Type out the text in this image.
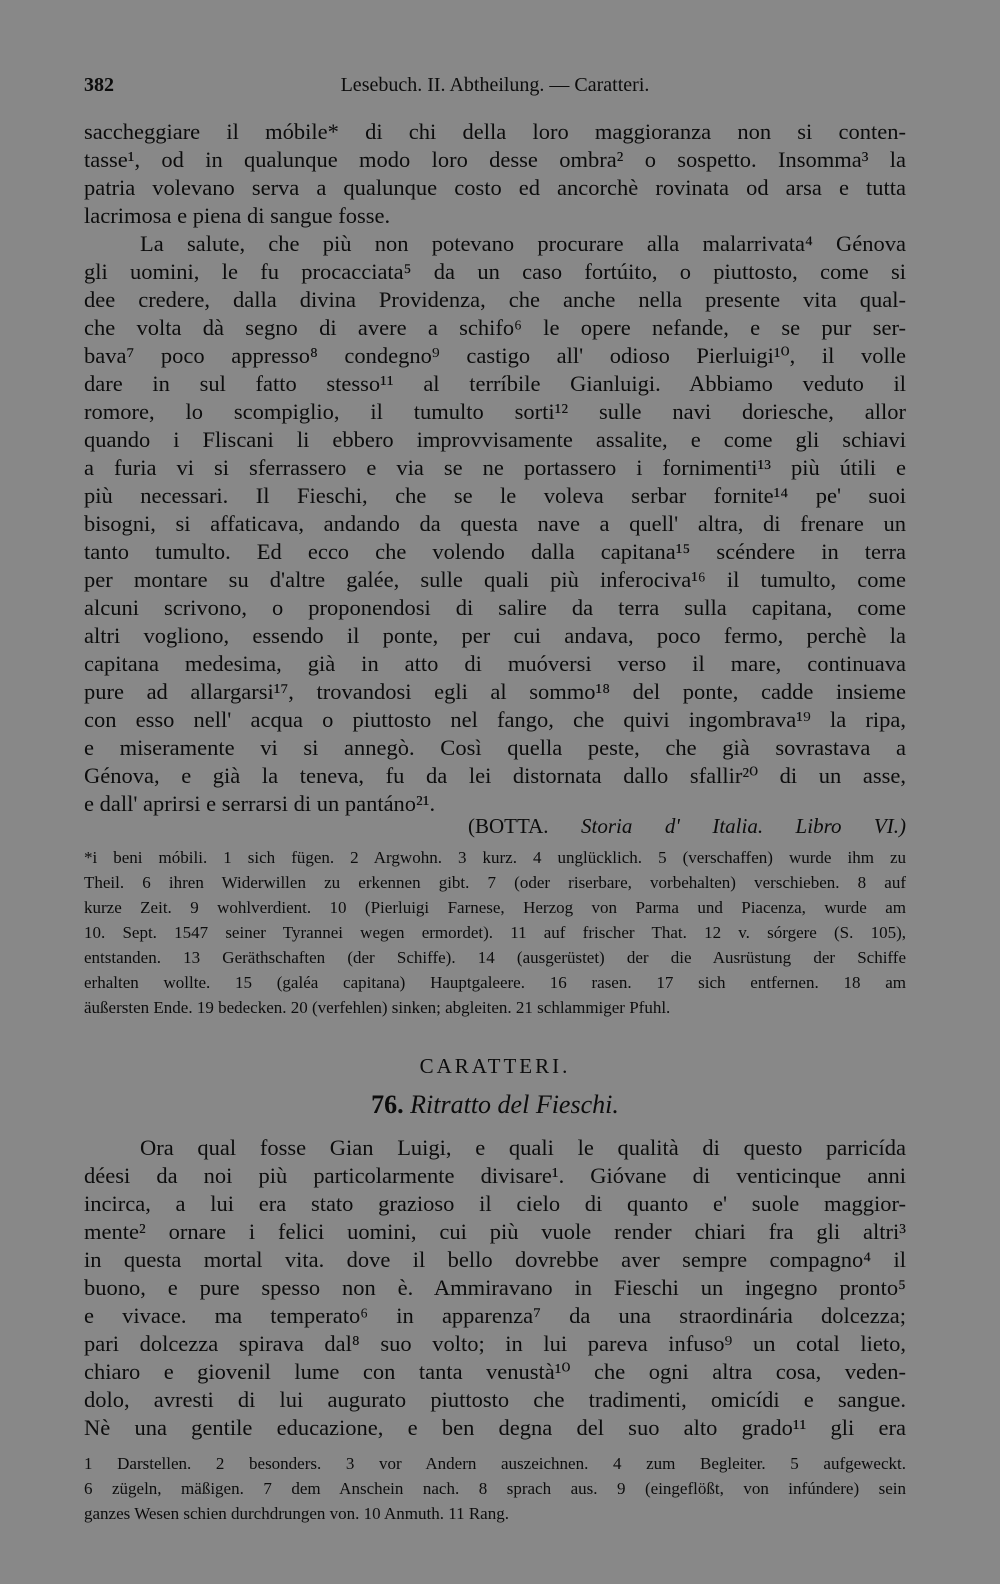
382	Lesebuch. II. Abtheilung. — Caratteri.
saccheggiare il móbile* di chi della loro maggioranza non si conten-
tasse¹, od in qualunque modo loro desse ombra² o sospetto. Insomma³ la
patria volevano serva a qualunque costo ed ancorchè rovinata od arsa e tutta
lacrimosa e piena di sangue fosse.
La salute, che più non potevano procurare alla malarrivata⁴ Génova
gli uomini, le fu procacciata⁵ da un caso fortúito, o piuttosto, come si
dee credere, dalla divina Providenza, che anche nella presente vita qual-
che volta dà segno di avere a schifo⁶ le opere nefande, e se pur ser-
bava⁷ poco appresso⁸ condegno⁹ castigo all' odioso Pierluigi¹⁰, il volle
dare in sul fatto stesso¹¹ al terríbile Gianluigi. Abbiamo veduto il
romore, lo scompiglio, il tumulto sorti¹² sulle navi doriesche, allor
quando i Fliscani li ebbero improvvisamente assalite, e come gli schiavi
a furia vi si sferrassero e via se ne portassero i fornimenti¹³ più útili e
più necessari. Il Fieschi, che se le voleva serbar fornite¹⁴ pe' suoi
bisogni, si affaticava, andando da questa nave a quell' altra, di frenare un
tanto tumulto. Ed ecco che volendo dalla capitana¹⁵ scéndere in terra
per montare su d'altre galée, sulle quali più inferociva¹⁶ il tumulto, come
alcuni scrivono, o proponendosi di salire da terra sulla capitana, come
altri vogliono, essendo il ponte, per cui andava, poco fermo, perchè la
capitana medesima, già in atto di muóversi verso il mare, continuava
pure ad allargarsi¹⁷, trovandosi egli al sommo¹⁸ del ponte, cadde insieme
con esso nell' acqua o piuttosto nel fango, che quivi ingombrava¹⁹ la ripa,
e miseramente vi si annegò. Così quella peste, che già sovrastava a
Génova, e già la teneva, fu da lei distornata dallo sfallir²⁰ di un asse,
e dall' aprirsi e serrarsi di un pantáno²¹.
(BOTTA. Storia d' Italia. Libro VI.)
*i beni móbili. 1 sich fügen. 2 Argwohn. 3 kurz. 4 unglücklich. 5 (verschaffen) wurde ihm zu
Theil. 6 ihren Widerwillen zu erkennen gibt. 7 (oder riserbare, vorbehalten) verschieben. 8 auf
kurze Zeit. 9 wohlverdient. 10 (Pierluigi Farnese, Herzog von Parma und Piacenza, wurde am
10. Sept. 1547 seiner Tyrannei wegen ermordet). 11 auf frischer That. 12 v. sórgere (S. 105),
entstanden. 13 Geräthschaften (der Schiffe). 14 (ausgerüstet) der die Ausrüstung der Schiffe
erhalten wollte. 15 (galéa capitana) Hauptgaleere. 16 rasen. 17 sich entfernen. 18 am
äußersten Ende. 19 bedecken. 20 (verfehlen) sinken; abgleiten. 21 schlammiger Pfuhl.
CARATTERI.
76. Ritratto del Fieschi.
Ora qual fosse Gian Luigi, e quali le qualità di questo parricída
déesi da noi più particolarmente divisare¹. Gióvane di venticinque anni
incirca, a lui era stato grazioso il cielo di quanto e' suole maggior-
mente² ornare i felici uomini, cui più vuole render chiari fra gli altri³
in questa mortal vita. dove il bello dovrebbe aver sempre compagno⁴ il
buono, e pure spesso non è. Ammiravano in Fieschi un ingegno pronto⁵
e vivace. ma temperato⁶ in apparenza⁷ da una straordinária dolcezza;
pari dolcezza spirava dal⁸ suo volto; in lui pareva infuso⁹ un cotal lieto,
chiaro e giovenil lume con tanta venustà¹⁰ che ogni altra cosa, veden-
dolo, avresti di lui augurato piuttosto che tradimenti, omicídi e sangue.
Nè una gentile educazione, e ben degna del suo alto grado¹¹ gli era
1 Darstellen. 2 besonders. 3 vor Andern auszeichnen. 4 zum Begleiter. 5 aufgeweckt.
6 zügeln, mäßigen. 7 dem Anschein nach. 8 sprach aus. 9 (eingeflößt, von infúndere) sein
ganzes Wesen schien durchdrungen von. 10 Anmuth. 11 Rang.
